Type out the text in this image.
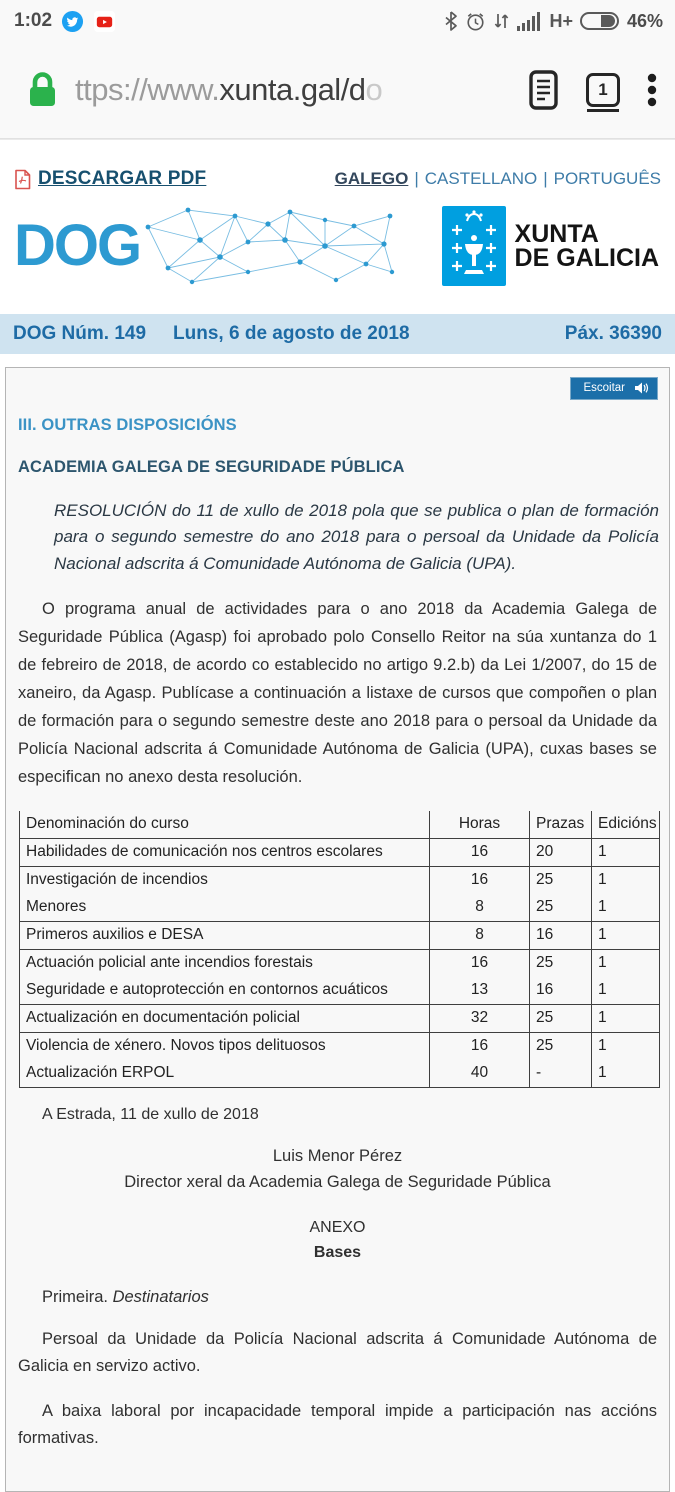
1:02	H+	46%
ttps://www.xunta.gal/do	1
DESCARGAR PDF	GALEGO | CASTELLANO | PORTUGUÊS
DOG	XUNTA
DE GALICIA
DOG Núm. 149 Luns, 6 de agosto de 2018	Páx. 36390
Escoitar
III. OUTRAS DISPOSICIÓNS
ACADEMIA GALEGA DE SEGURIDADE PÚBLICA

RESOLUCIÓN do 11 de xullo de 2018 pola que se publica o plan de formación para o segundo semestre do ano 2018 para o persoal da Unidade da Policía Nacional adscrita á Comunidade Autónoma de Galicia (UPA).

O programa anual de actividades para o ano 2018 da Academia Galega de Seguridade Pública (Agasp) foi aprobado polo Consello Reitor na súa xuntanza do 1 de febreiro de 2018, de acordo co establecido no artigo 9.2.b) da Lei 1/2007, do 15 de xaneiro, da Agasp. Publícase a continuación a listaxe de cursos que compoñen o plan de formación para o segundo semestre deste ano 2018 para o persoal da Unidade da Policía Nacional adscrita á Comunidade Autónoma de Galicia (UPA), cuxas bases se especifican no anexo desta resolución.

Denominación do curso	Horas	Prazas	Edicións
Habilidades de comunicación nos centros escolares	16	20	1
Investigación de incendios	16	25	1
Menores	8	25	1
Primeros auxilios e DESA	8	16	1
Actuación policial ante incendios forestais	16	25	1
Seguridade e autoprotección en contornos acuáticos	13	16	1
Actualización en documentación policial	32	25	1
Violencia de xénero. Novos tipos delituosos	16	25	1
Actualización ERPOL	40	-	1

A Estrada, 11 de xullo de 2018

Luis Menor Pérez

Director xeral da Academia Galega de Seguridade Pública

ANEXO

Bases

Primeira. Destinatarios

Persoal da Unidade da Policía Nacional adscrita á Comunidade Autónoma de Galicia en servizo activo.

A baixa laboral por incapacidade temporal impide a participación nas accións formativas.
